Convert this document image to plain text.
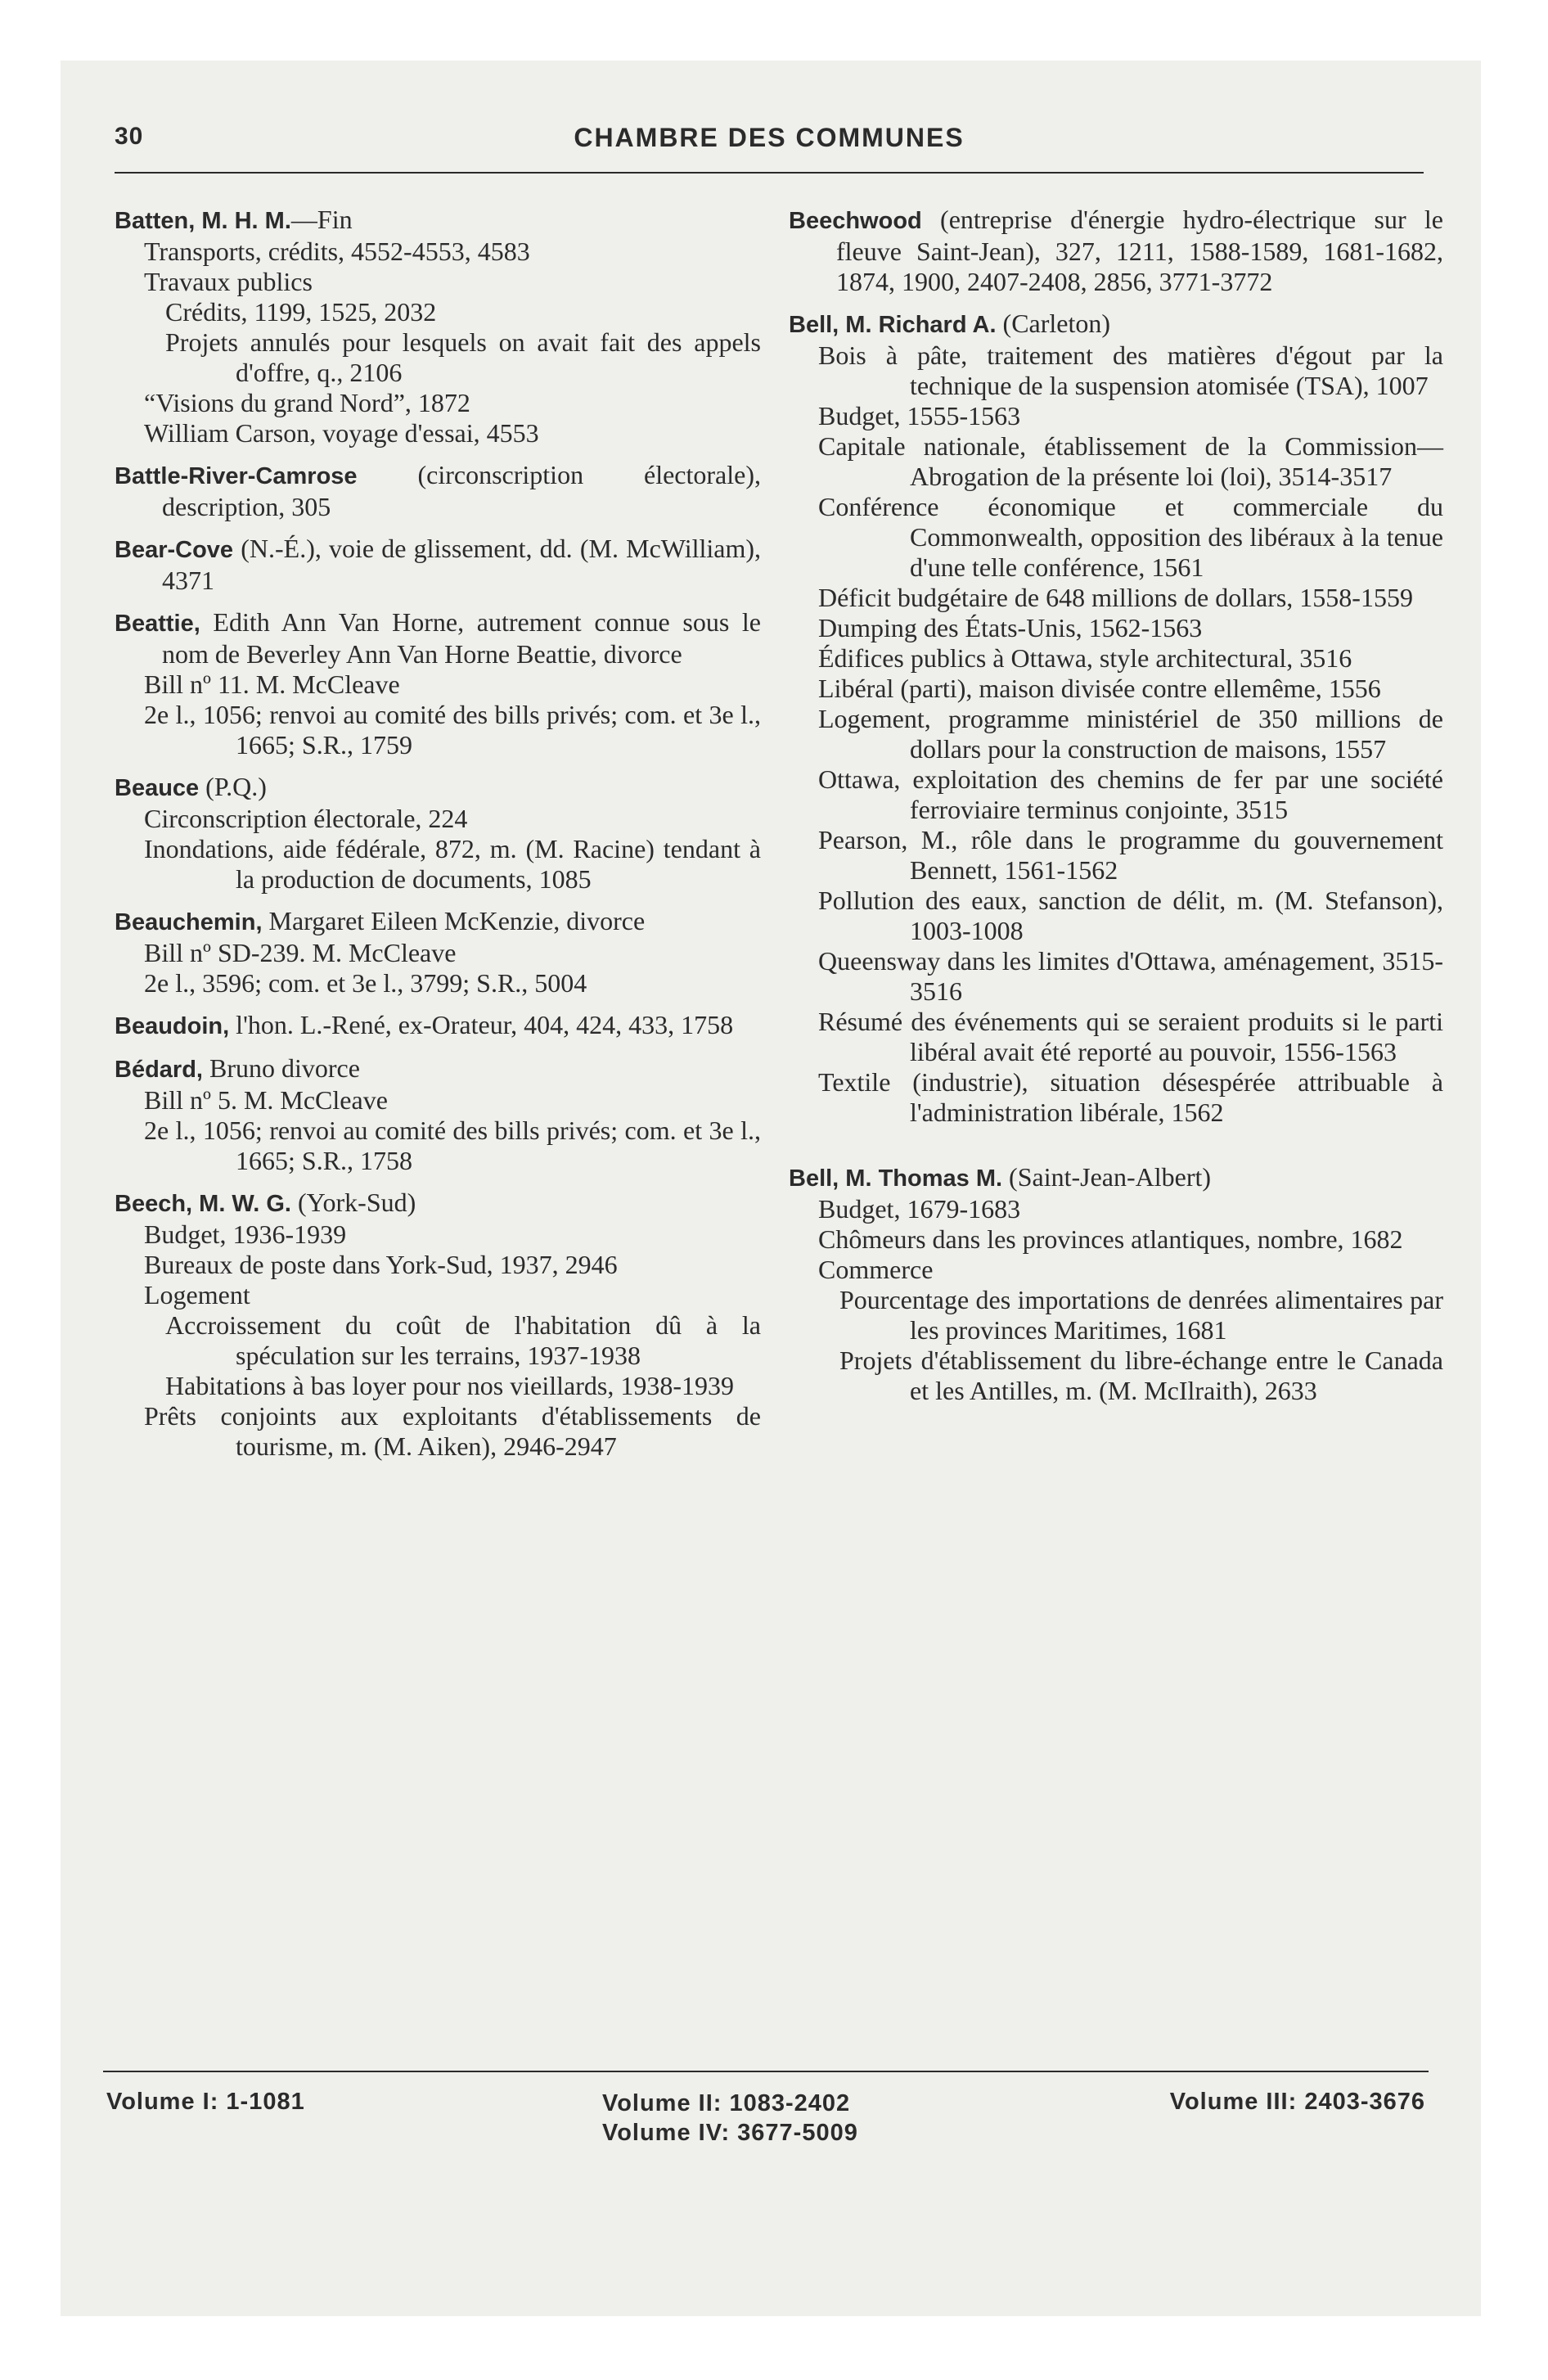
30	CHAMBRE DES COMMUNES
Batten, M. H. M.—Fin
Transports, crédits, 4552-4553, 4583
Travaux publics
Crédits, 1199, 1525, 2032
Projets annulés pour lesquels on avait fait des appels d'offre, q., 2106
“Visions du grand Nord”, 1872
William Carson, voyage d'essai, 4553
Battle-River-Camrose (circonscription électorale), description, 305
Bear-Cove (N.-É.), voie de glissement, dd. (M. McWilliam), 4371
Beattie, Edith Ann Van Horne, autrement connue sous le nom de Beverley Ann Van Horne Beattie, divorce
Bill nº 11. M. McCleave
2e l., 1056; renvoi au comité des bills privés; com. et 3e l., 1665; S.R., 1759
Beauce (P.Q.)
Circonscription électorale, 224
Inondations, aide fédérale, 872, m. (M. Racine) tendant à la production de documents, 1085
Beauchemin, Margaret Eileen McKenzie, divorce
Bill nº SD-239. M. McCleave
2e l., 3596; com. et 3e l., 3799; S.R., 5004
Beaudoin, l'hon. L.-René, ex-Orateur, 404, 424, 433, 1758
Bédard, Bruno divorce
Bill nº 5. M. McCleave
2e l., 1056; renvoi au comité des bills privés; com. et 3e l., 1665; S.R., 1758
Beech, M. W. G. (York-Sud)
Budget, 1936-1939
Bureaux de poste dans York-Sud, 1937, 2946
Logement
Accroissement du coût de l'habitation dû à la spéculation sur les terrains, 1937-1938
Habitations à bas loyer pour nos vieillards, 1938-1939
Prêts conjoints aux exploitants d'établissements de tourisme, m. (M. Aiken), 2946-2947
Beechwood (entreprise d'énergie hydro-électrique sur le fleuve Saint-Jean), 327, 1211, 1588-1589, 1681-1682, 1874, 1900, 2407-2408, 2856, 3771-3772
Bell, M. Richard A. (Carleton)
Bois à pâte, traitement des matières d'égout par la technique de la suspension atomisée (TSA), 1007
Budget, 1555-1563
Capitale nationale, établissement de la Commission—Abrogation de la présente loi (loi), 3514-3517
Conférence économique et commerciale du Commonwealth, opposition des libéraux à la tenue d'une telle conférence, 1561
Déficit budgétaire de 648 millions de dollars, 1558-1559
Dumping des États-Unis, 1562-1563
Édifices publics à Ottawa, style architectural, 3516
Libéral (parti), maison divisée contre ellemême, 1556
Logement, programme ministériel de 350 millions de dollars pour la construction de maisons, 1557
Ottawa, exploitation des chemins de fer par une société ferroviaire terminus conjointe, 3515
Pearson, M., rôle dans le programme du gouvernement Bennett, 1561-1562
Pollution des eaux, sanction de délit, m. (M. Stefanson), 1003-1008
Queensway dans les limites d'Ottawa, aménagement, 3515-3516
Résumé des événements qui se seraient produits si le parti libéral avait été reporté au pouvoir, 1556-1563
Textile (industrie), situation désespérée attribuable à l'administration libérale, 1562
Bell, M. Thomas M. (Saint-Jean-Albert)
Budget, 1679-1683
Chômeurs dans les provinces atlantiques, nombre, 1682
Commerce
Pourcentage des importations de denrées alimentaires par les provinces Maritimes, 1681
Projets d'établissement du libre-échange entre le Canada et les Antilles, m. (M. McIlraith), 2633
Volume I: 1-1081	Volume II: 1083-2402
Volume IV: 3677-5009
Volume III: 2403-3676
